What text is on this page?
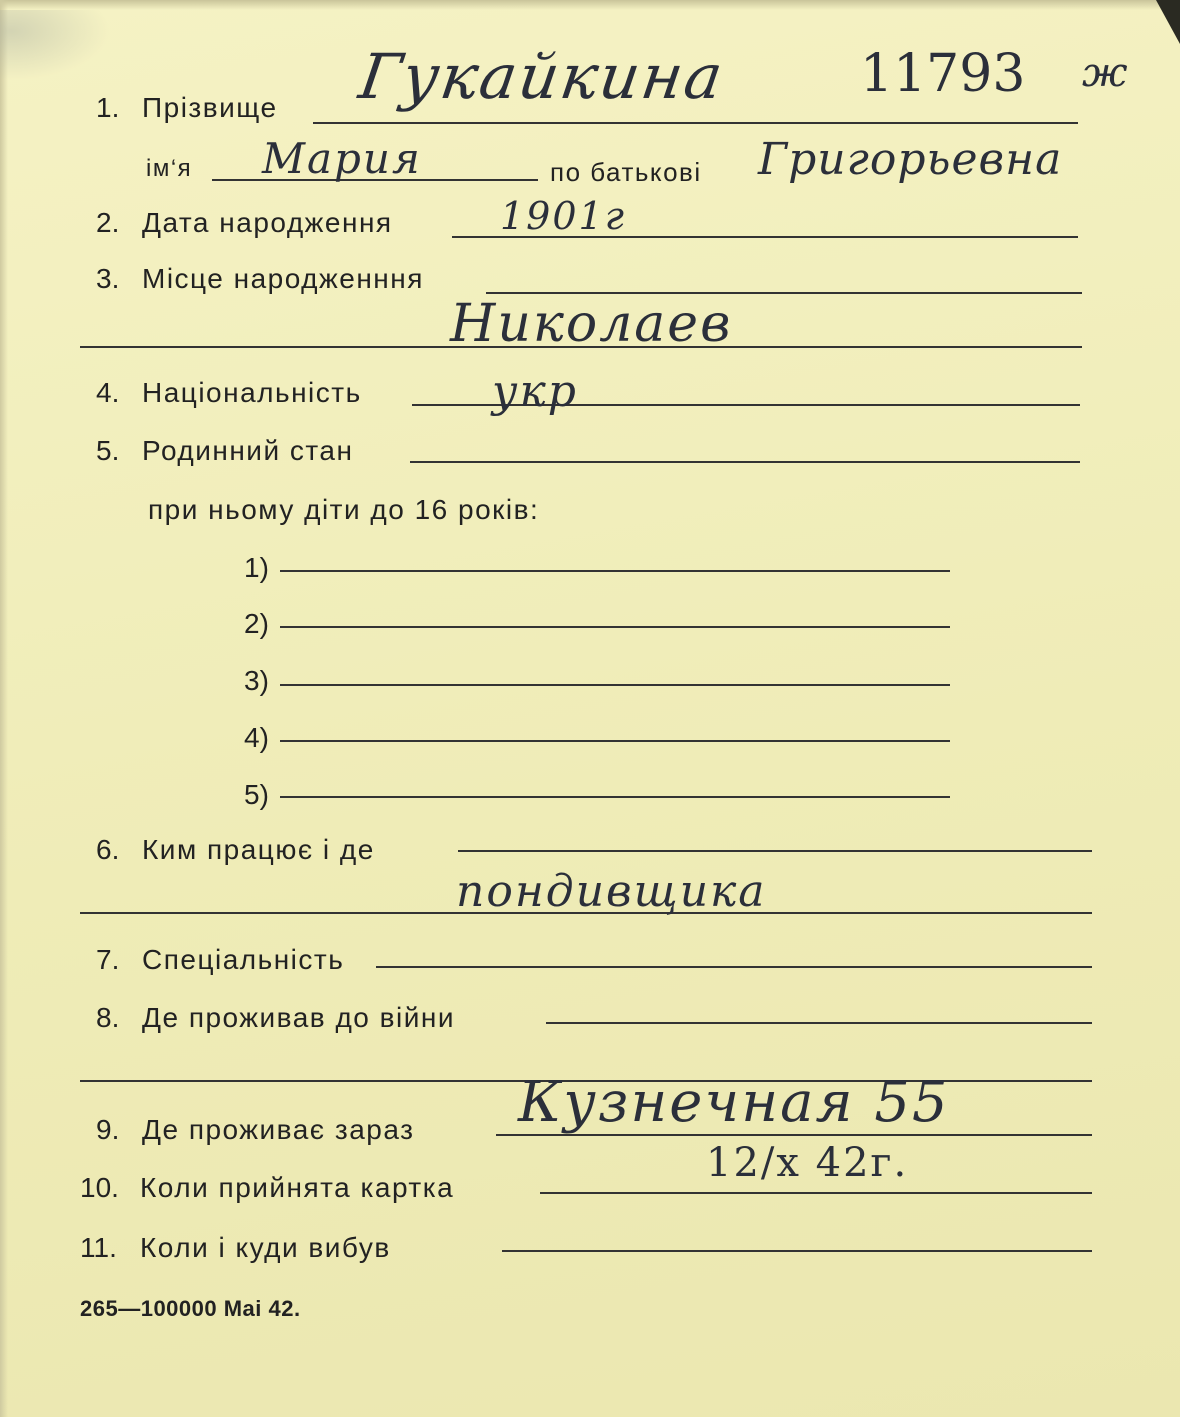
1. Прізвище Гукайкина	11793 ж
ім‘я Мария	по батькові Григорьевна
2. Дата народження	1901г
3. Місце народженння
Николаев
4. Національність	укр
5. Родинний стан
при ньому діти до 16 років:
1)
2)
3)
4)
5)
6. Ким працює і де
пондивщика
7. Спеціальність
8. Де проживав до війни
9. Де проживає зараз Кузнечная 55
10. Коли прийнята картка
12/х 42г.
11. Коли і куди вибув
265—100000 Mai 42.
